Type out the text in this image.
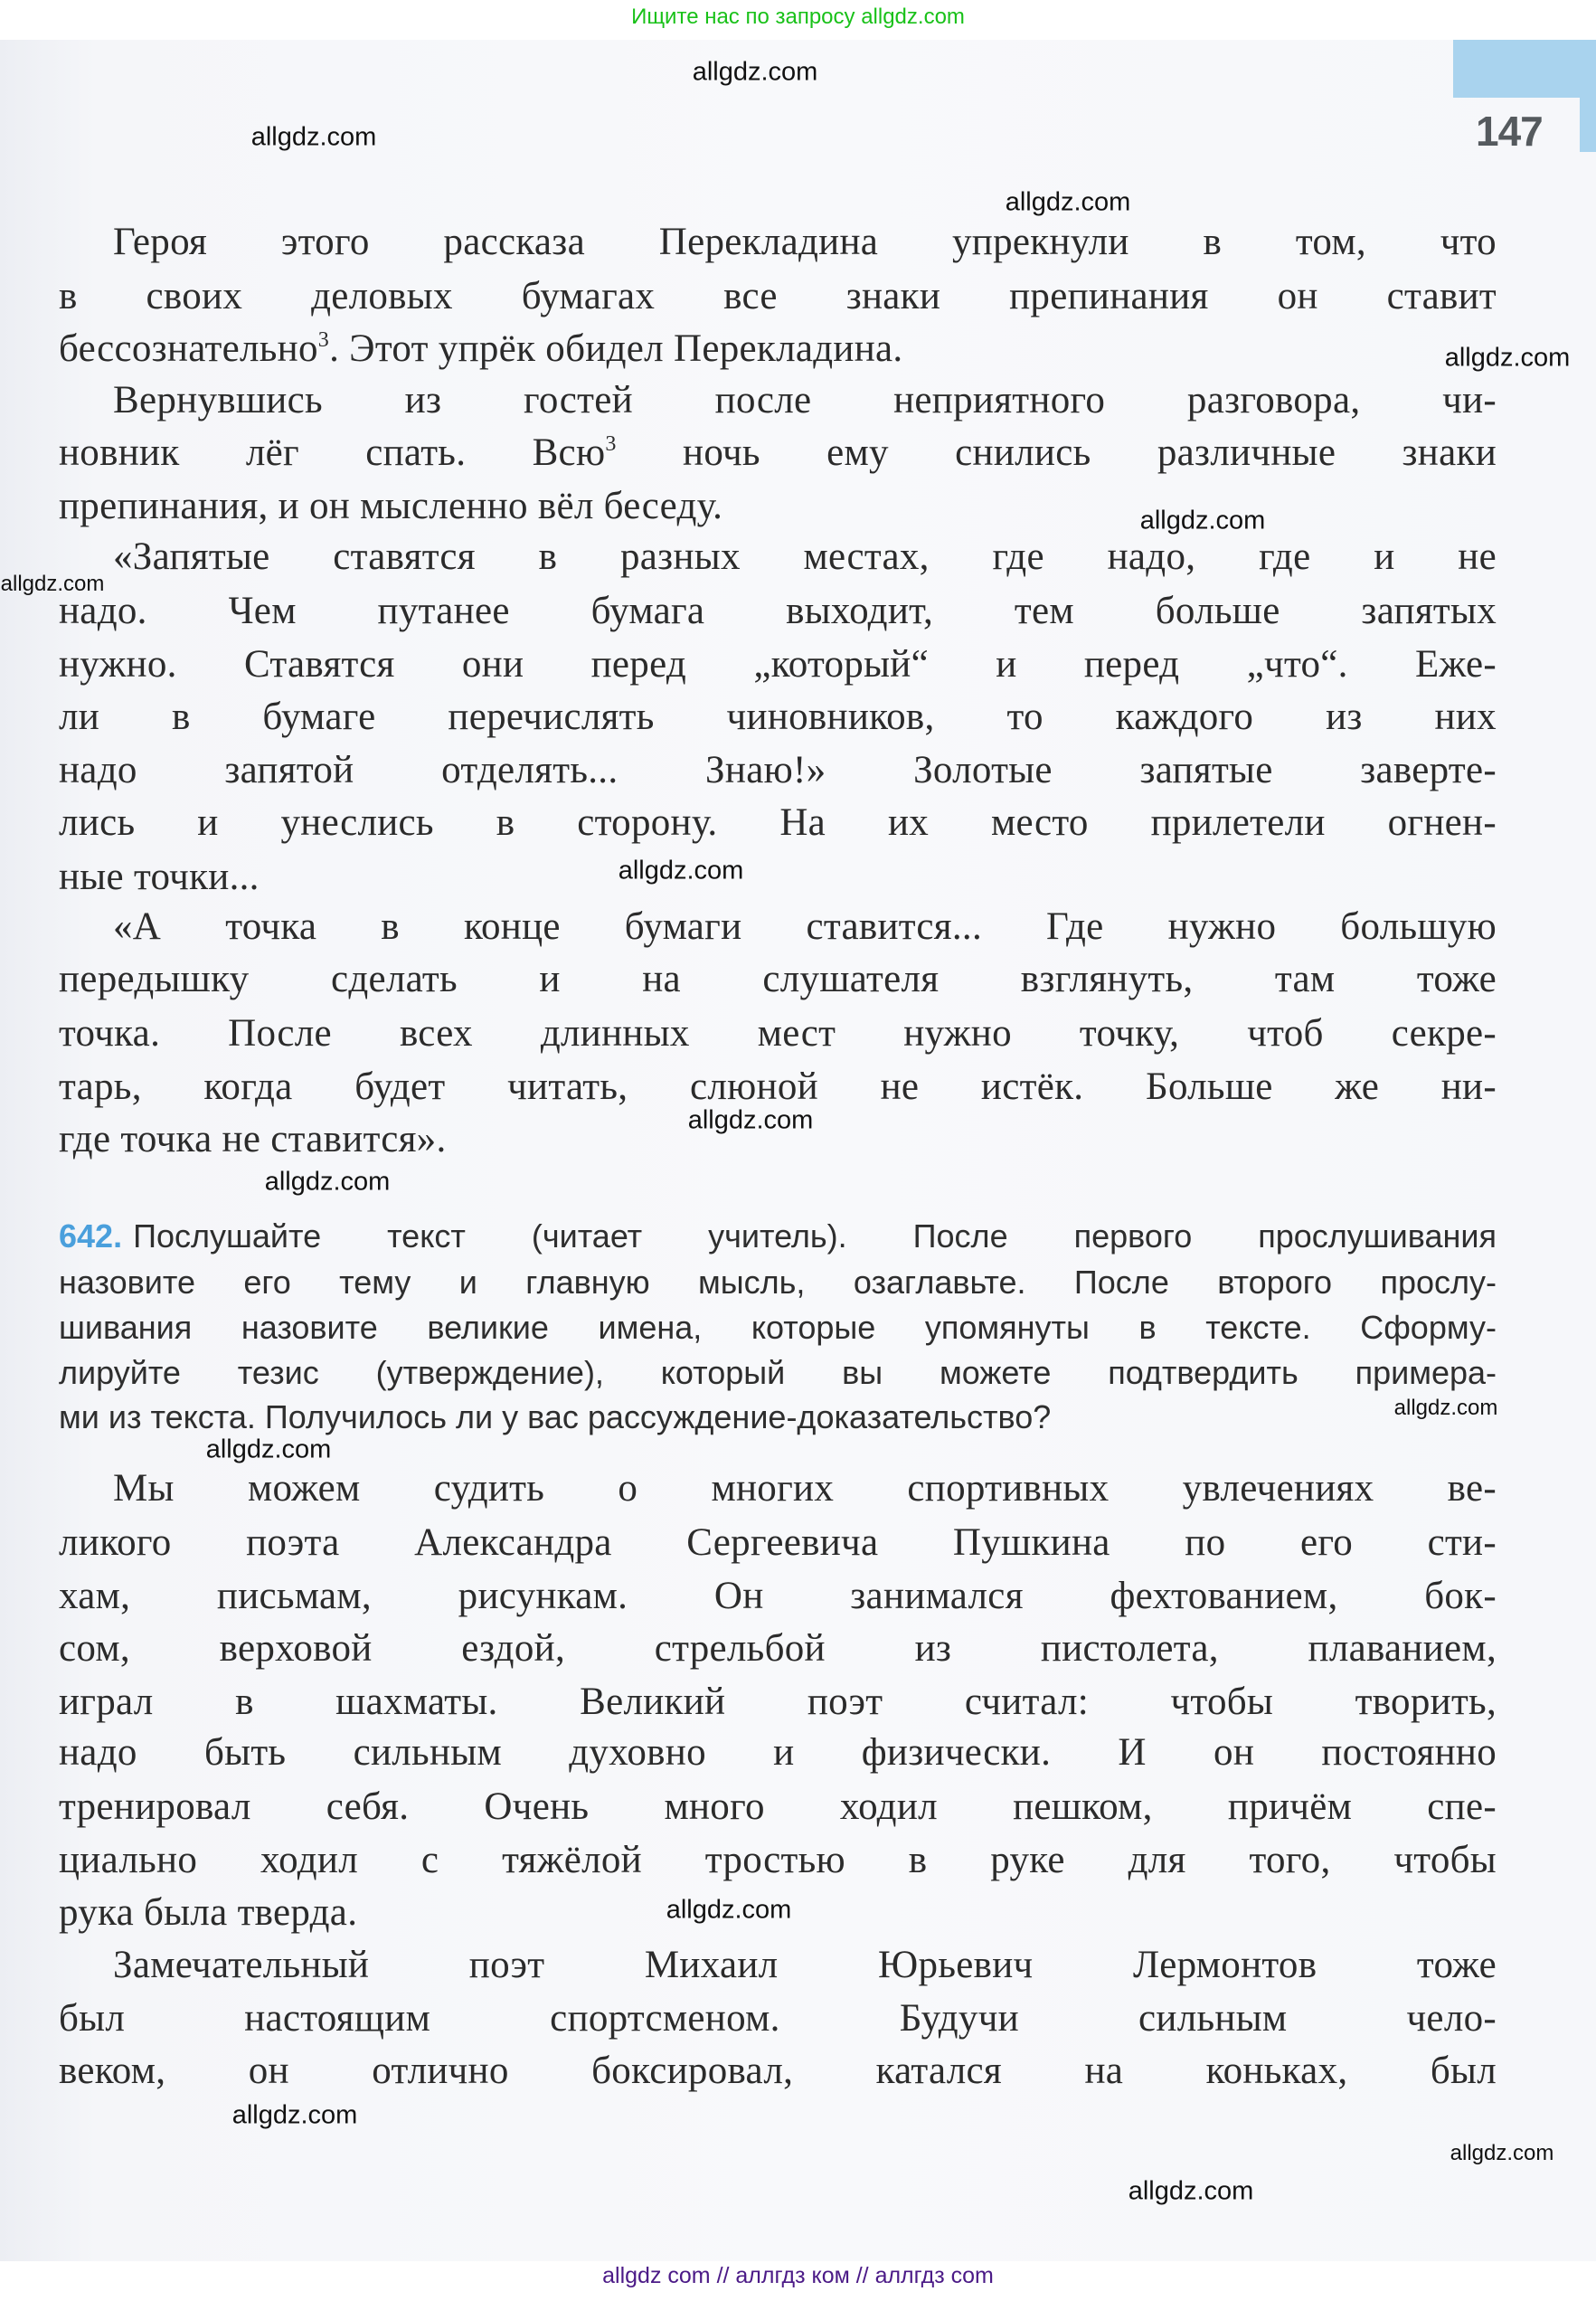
Ищите нас по запросу allgdz.com
147
Героя этого рассказа Перекладина упрекнули в том, что
в своих деловых бумагах все знаки препинания он ставит
бессознательно$^3$. Этот упрёк обидел Перекладина.
Вернувшись из гостей после неприятного разговора, чи-
новник лёг спать. Всю$^3$ ночь ему снились различные знаки
препинания, и он мысленно вёл беседу.
«Запятые ставятся в разных местах, где надо, где и не
надо. Чем путанее бумага выходит, тем больше запятых
нужно. Ставятся они перед „который“ и перед „что“. Еже-
ли в бумаге перечислять чиновников, то каждого из них
надо запятой отделять... Знаю!» Золотые запятые заверте-
лись и унеслись в сторону. На их место прилетели огнен-
ные точки...
«А точка в конце бумаги ставится... Где нужно большую
передышку сделать и на слушателя взглянуть, там тоже
точка. После всех длинных мест нужно точку, чтоб секре-
тарь, когда будет читать, слюной не истёк. Больше же ни-
где точка не ставится».
642. Послушайте текст (читает учитель). После первого прослушивания
назовите его тему и главную мысль, озаглавьте. После второго прослу-
шивания назовите великие имена, которые упомянуты в тексте. Сформу-
лируйте тезис (утверждение), который вы можете подтвердить примера-
ми из текста. Получилось ли у вас рассуждение-доказательство?
Мы можем судить о многих спортивных увлечениях ве-
ликого поэта Александра Сергеевича Пушкина по его сти-
хам, письмам, рисункам. Он занимался фехтованием, бок-
сом, верховой ездой, стрельбой из пистолета, плаванием,
играл в шахматы. Великий поэт считал: чтобы творить,
надо быть сильным духовно и физически. И он постоянно
тренировал себя. Очень много ходил пешком, причём спе-
циально ходил с тяжёлой тростью в руке для того, чтобы
рука была тверда.
Замечательный поэт Михаил Юрьевич Лермонтов тоже
был настоящим спортсменом. Будучи сильным чело-
веком, он отлично боксировал, катался на коньках, был
allgdz.com
allgdz.com
allgdz.com
allgdz.com
allgdz.com
allgdz.com
allgdz.com
allgdz.com
allgdz.com
allgdz.com
allgdz.com
allgdz.com
allgdz.com
allgdz.com
allgdz.com
allgdz com // аллгдз ком // аллгдз com
